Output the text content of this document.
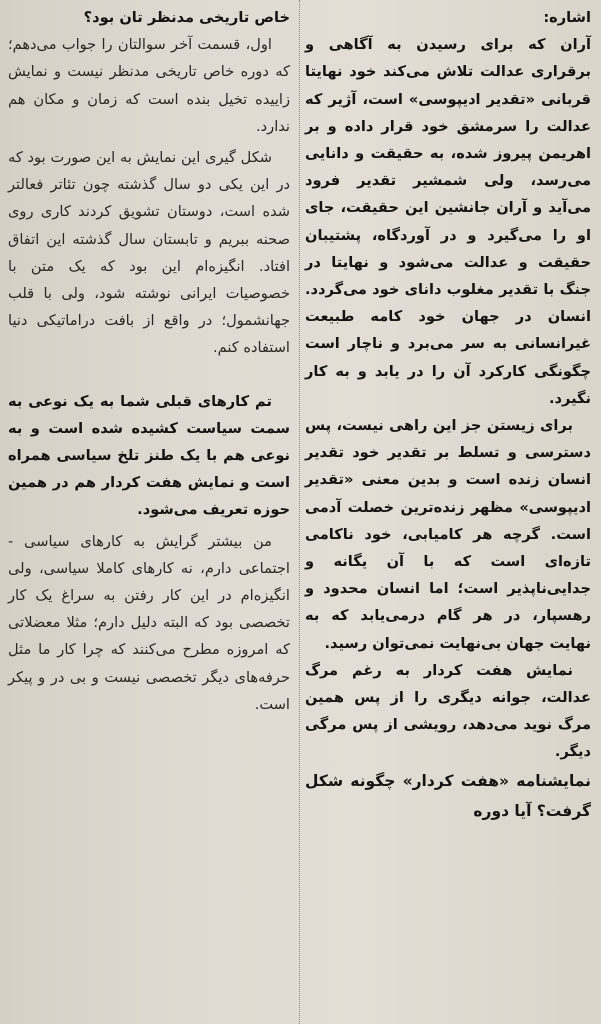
اشاره:

آران که برای رسیدن به آگاهی و برقراری عدالت تلاش می‌کند خود نهایتا قربانی «تقدیر ادیپوسی» است، آژیر که عدالت را سرمشق خود قرار داده و بر اهریمن پیروز شده، به حقیقت و دانایی می‌رسد، ولی شمشیر تقدیر فرود می‌آید و آران جانشین این حقیقت، جای او را می‌گیرد و در آوردگاه، پشتیبان حقیقت و عدالت می‌شود و نهایتا در جنگ با تقدیر مغلوب دانای خود می‌گردد. انسان در جهان خود کامه طبیعت غیرانسانی به سر می‌برد و ناچار است چگونگی کارکرد آن را در یابد و به کار نگیرد.

برای زیستن جز این راهی نیست، پس دسترسی و تسلط بر تقدیر خود تقدیر انسان زنده است و بدین معنی «تقدیر ادیپوسی» مظهر زنده‌ترین خصلت آدمی است. گرچه هر کامیابی، خود ناکامی تازه‌ای است که با آن یگانه و جدایی‌ناپذیر است؛ اما انسان محدود و رهسپار، در هر گام درمی‌یابد که به نهایت جهان بی‌نهایت نمی‌توان رسید.

نمایش هفت کردار به رغم مرگ عدالت، جوانه دیگری را از پس همین مرگ نوید می‌دهد، رویشی از پس مرگی دیگر.

نمایشنامه «هفت کردار» چگونه شکل گرفت؟ آیا دوره

خاص تاریخی مدنظر تان بود؟

اول، قسمت آخر سوالتان را جواب می‌دهم؛ که دوره خاص تاریخی مدنظر نیست و نمایش زاییده تخیل بنده است که زمان و مکان هم ندارد.

شکل گیری این نمایش به این صورت بود که در این یکی دو سال گذشته چون تئاتر فعالتر شده است، دوستان تشویق کردند کاری روی صحنه ببریم و تابستان سال گذشته این اتفاق افتاد. انگیزه‌ام این بود که یک متن با خصوصیات ایرانی نوشته شود، ولی با قلب جهانشمول؛ در واقع از بافت دراماتیکی دنیا استفاده کنم.

تم کارهای قبلی شما به یک نوعی به سمت سیاست کشیده شده است و به نوعی هم با یک طنز تلخ سیاسی همراه است و نمایش هفت کردار هم در همین حوزه تعریف می‌شود.

من بیشتر گرایش به کارهای سیاسی - اجتماعی دارم، نه کارهای کاملا سیاسی، ولی انگیزه‌ام در این کار رفتن به سراغ یک کار تخصصی بود که البته دلیل دارم؛ مثلا معضلاتی که امروزه مطرح می‌کنند که چرا کار ما مثل حرفه‌های دیگر تخصصی نیست و بی در و پیکر است.
